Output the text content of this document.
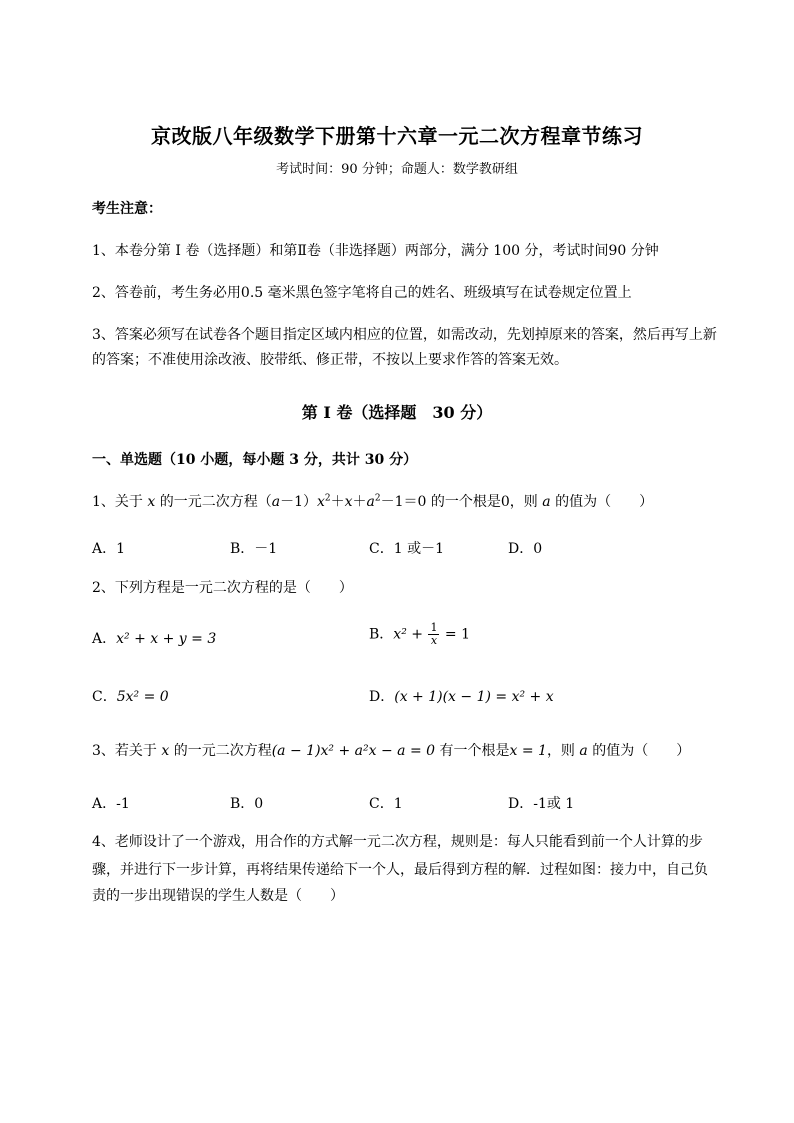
京改版八年级数学下册第十六章一元二次方程章节练习
考试时间：90 分钟；命题人：数学教研组
考生注意：
1、本卷分第 I 卷（选择题）和第Ⅱ卷（非选择题）两部分，满分 100 分，考试时间90 分钟
2、答卷前，考生务必用0.5 毫米黑色签字笔将自己的姓名、班级填写在试卷规定位置上
3、答案必须写在试卷各个题目指定区域内相应的位置，如需改动，先划掉原来的答案，然后再写上新
的答案；不准使用涂改液、胶带纸、修正带，不按以上要求作答的答案无效。
第 I 卷（选择题　30 分）
一、单选题（10 小题，每小题 3 分，共计 30 分）
1、关于 x 的一元二次方程$(a-1)x^2+x+a^2-1=0$ 的一个根是0，则 a 的值为（　　）
A．1	B．－1	C．1 或－1	D．0
2、下列方程是一元二次方程的是（　　）
A．x² + x + y = 3	B．$x^2 + \frac{1}{x} = 1$
C．5x² = 0	D．(x + 1)(x − 1) = x² + x
3、若关于 x 的一元二次方程(a − 1)x² + a²x − a = 0 有一个根是x = 1，则 a 的值为（　　）
A．-1	B．0	C．1	D．-1或 1
4、老师设计了一个游戏，用合作的方式解一元二次方程，规则是：每人只能看到前一个人计算的步
骤，并进行下一步计算，再将结果传递给下一个人，最后得到方程的解．过程如图：接力中，自己负
责的一步出现错误的学生人数是（　　）
